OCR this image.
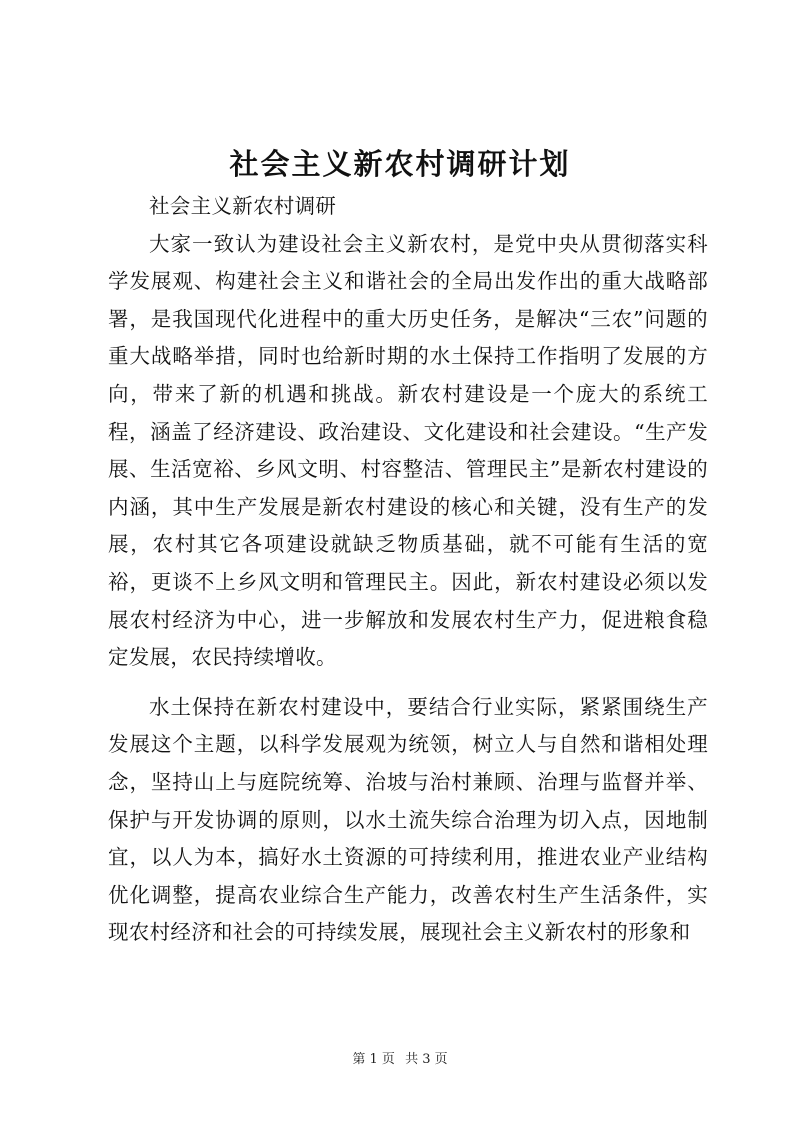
社会主义新农村调研计划

社会主义新农村调研

大家一致认为建设社会主义新农村，是党中央从贯彻落实科学发展观、构建社会主义和谐社会的全局出发作出的重大战略部署，是我国现代化进程中的重大历史任务，是解决“三农”问题的重大战略举措，同时也给新时期的水土保持工作指明了发展的方向，带来了新的机遇和挑战。新农村建设是一个庞大的系统工程，涵盖了经济建设、政治建设、文化建设和社会建设。“生产发展、生活宽裕、乡风文明、村容整洁、管理民主”是新农村建设的内涵，其中生产发展是新农村建设的核心和关键，没有生产的发展，农村其它各项建设就缺乏物质基础，就不可能有生活的宽裕，更谈不上乡风文明和管理民主。因此，新农村建设必须以发展农村经济为中心，进一步解放和发展农村生产力，促进粮食稳定发展，农民持续增收。

水土保持在新农村建设中，要结合行业实际，紧紧围绕生产发展这个主题，以科学发展观为统领，树立人与自然和谐相处理念，坚持山上与庭院统筹、治坡与治村兼顾、治理与监督并举、保护与开发协调的原则，以水土流失综合治理为切入点，因地制宜，以人为本，搞好水土资源的可持续利用，推进农业产业结构优化调整，提高农业综合生产能力，改善农村生产生活条件，实现农村经济和社会的可持续发展，展现社会主义新农村的形象和

第 1 页 共 3 页
